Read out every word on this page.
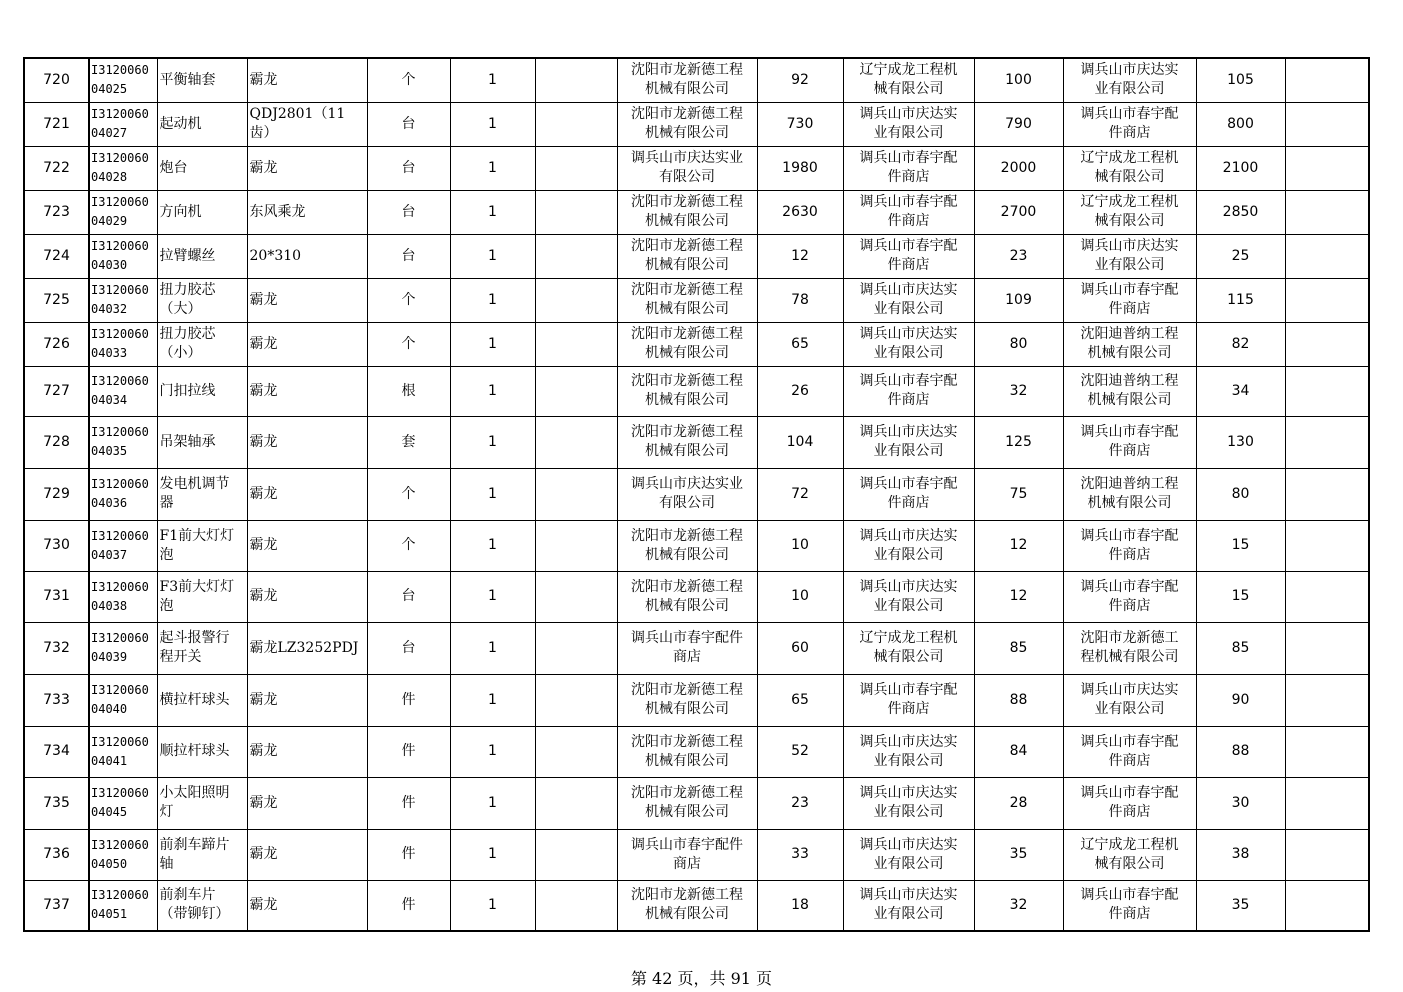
720	I3120060
04025	平衡轴套	霸龙	个	1		沈阳市龙新德工程
机械有限公司	92	辽宁成龙工程机
械有限公司	100	调兵山市庆达实
业有限公司	105	
721	I3120060
04027	起动机	QDJ2801（11
齿）	台	1		沈阳市龙新德工程
机械有限公司	730	调兵山市庆达实
业有限公司	790	调兵山市春宇配
件商店	800	
722	I3120060
04028	炮台	霸龙	台	1		调兵山市庆达实业
有限公司	1980	调兵山市春宇配
件商店	2000	辽宁成龙工程机
械有限公司	2100	
723	I3120060
04029	方向机	东风乘龙	台	1		沈阳市龙新德工程
机械有限公司	2630	调兵山市春宇配
件商店	2700	辽宁成龙工程机
械有限公司	2850	
724	I3120060
04030	拉臂螺丝	20*310	台	1		沈阳市龙新德工程
机械有限公司	12	调兵山市春宇配
件商店	23	调兵山市庆达实
业有限公司	25	
725	I3120060
04032	扭力胶芯
（大）	霸龙	个	1		沈阳市龙新德工程
机械有限公司	78	调兵山市庆达实
业有限公司	109	调兵山市春宇配
件商店	115	
726	I3120060
04033	扭力胶芯
（小）	霸龙	个	1		沈阳市龙新德工程
机械有限公司	65	调兵山市庆达实
业有限公司	80	沈阳迪普纳工程
机械有限公司	82	
727	I3120060
04034	门扣拉线	霸龙	根	1		沈阳市龙新德工程
机械有限公司	26	调兵山市春宇配
件商店	32	沈阳迪普纳工程
机械有限公司	34	
728	I3120060
04035	吊架轴承	霸龙	套	1		沈阳市龙新德工程
机械有限公司	104	调兵山市庆达实
业有限公司	125	调兵山市春宇配
件商店	130	
729	I3120060
04036	发电机调节
器	霸龙	个	1		调兵山市庆达实业
有限公司	72	调兵山市春宇配
件商店	75	沈阳迪普纳工程
机械有限公司	80	
730	I3120060
04037	F1前大灯灯
泡	霸龙	个	1		沈阳市龙新德工程
机械有限公司	10	调兵山市庆达实
业有限公司	12	调兵山市春宇配
件商店	15	
731	I3120060
04038	F3前大灯灯
泡	霸龙	台	1		沈阳市龙新德工程
机械有限公司	10	调兵山市庆达实
业有限公司	12	调兵山市春宇配
件商店	15	
732	I3120060
04039	起斗报警行
程开关	霸龙LZ3252PDJ	台	1		调兵山市春宇配件
商店	60	辽宁成龙工程机
械有限公司	85	沈阳市龙新德工
程机械有限公司	85	
733	I3120060
04040	横拉杆球头	霸龙	件	1		沈阳市龙新德工程
机械有限公司	65	调兵山市春宇配
件商店	88	调兵山市庆达实
业有限公司	90	
734	I3120060
04041	顺拉杆球头	霸龙	件	1		沈阳市龙新德工程
机械有限公司	52	调兵山市庆达实
业有限公司	84	调兵山市春宇配
件商店	88	
735	I3120060
04045	小太阳照明
灯	霸龙	件	1		沈阳市龙新德工程
机械有限公司	23	调兵山市庆达实
业有限公司	28	调兵山市春宇配
件商店	30	
736	I3120060
04050	前刹车蹄片
轴	霸龙	件	1		调兵山市春宇配件
商店	33	调兵山市庆达实
业有限公司	35	辽宁成龙工程机
械有限公司	38	
737	I3120060
04051	前刹车片
（带铆钉）	霸龙	件	1		沈阳市龙新德工程
机械有限公司	18	调兵山市庆达实
业有限公司	32	调兵山市春宇配
件商店	35	
第 42 页，共 91 页
